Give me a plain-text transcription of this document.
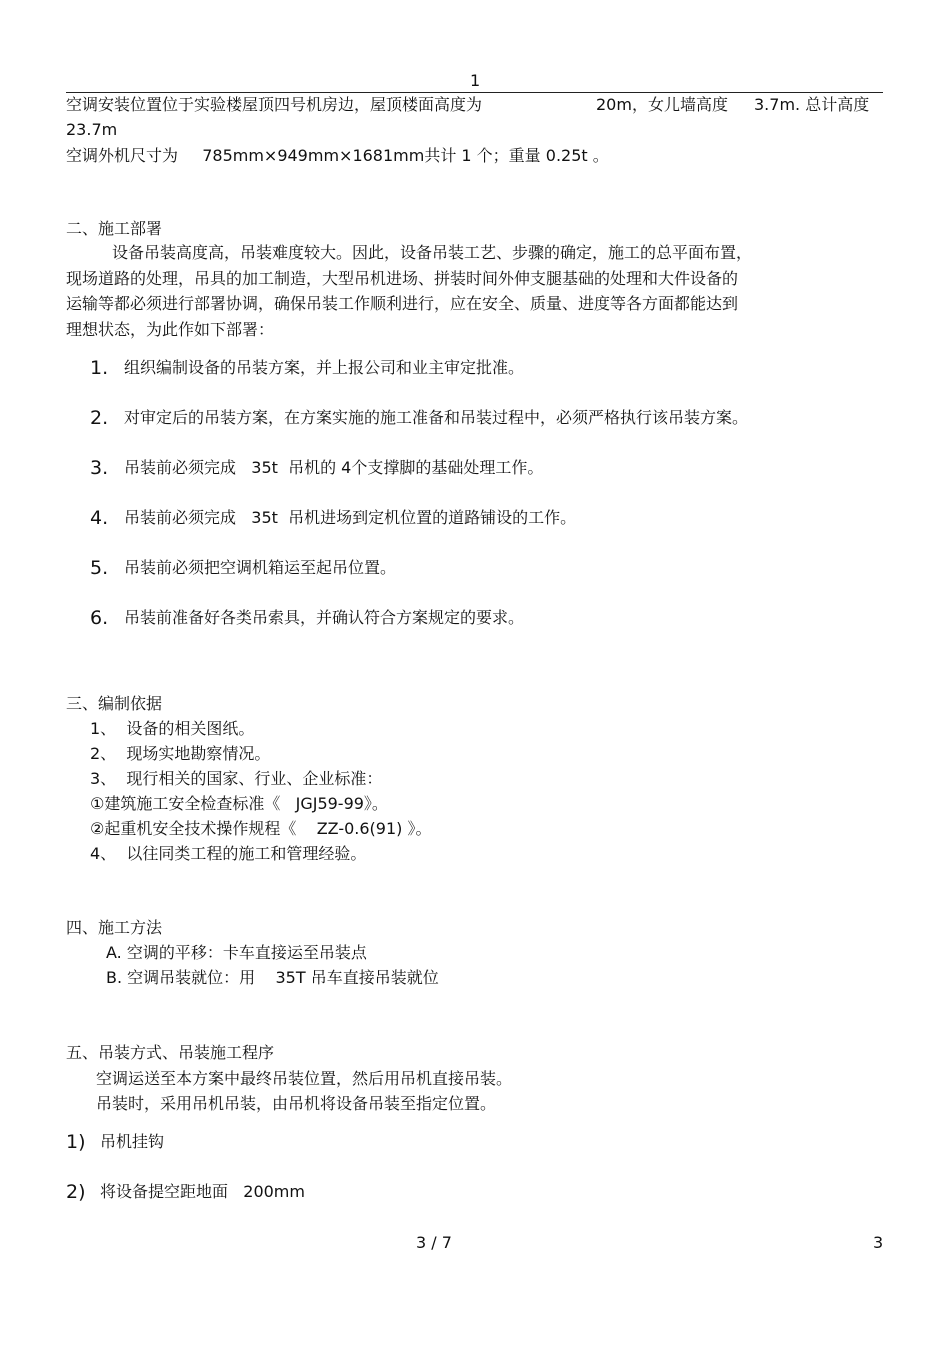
1
空调安装位置位于实验楼屋顶四号机房边，屋顶楼面高度为	20m，女儿墙高度 3.7m. 总计高度
23.7m
空调外机尺寸为 785mm×949mm×1681mm共计 1 个；重量 0.25t 。
二、施工部署
设备吊装高度高，吊装难度较大。因此，设备吊装工艺、步骤的确定，施工的总平面布置，
现场道路的处理，吊具的加工制造，大型吊机进场、拼装时间外伸支腿基础的处理和大件设备的
运输等都必须进行部署协调，确保吊装工作顺利进行，应在安全、质量、进度等各方面都能达到
理想状态，为此作如下部署：
1. 组织编制设备的吊装方案，并上报公司和业主审定批准。
2. 对审定后的吊装方案，在方案实施的施工准备和吊装过程中，必须严格执行该吊装方案。
3. 吊装前必须完成   35t  吊机的 4个支撑脚的基础处理工作。
4. 吊装前必须完成   35t  吊机进场到定机位置的道路铺设的工作。
5. 吊装前必须把空调机箱运至起吊位置。
6. 吊装前准备好各类吊索具，并确认符合方案规定的要求。
三、编制依据
1、  设备的相关图纸。
2、  现场实地勘察情况。
3、  现行相关的国家、行业、企业标准：
①建筑施工安全检查标准《   JGJ59-99》。
②起重机安全技术操作规程《    ZZ-0.6(91) 》。
4、  以往同类工程的施工和管理经验。
四、施工方法
A. 空调的平移：卡车直接运至吊装点
B. 空调吊装就位：用    35T 吊车直接吊装就位
五、吊装方式、吊装施工程序
空调运送至本方案中最终吊装位置，然后用吊机直接吊装。
吊装时，采用吊机吊装，由吊机将设备吊装至指定位置。
1) 吊机挂钩
2) 将设备提空距地面   200mm
3 / 7	3
